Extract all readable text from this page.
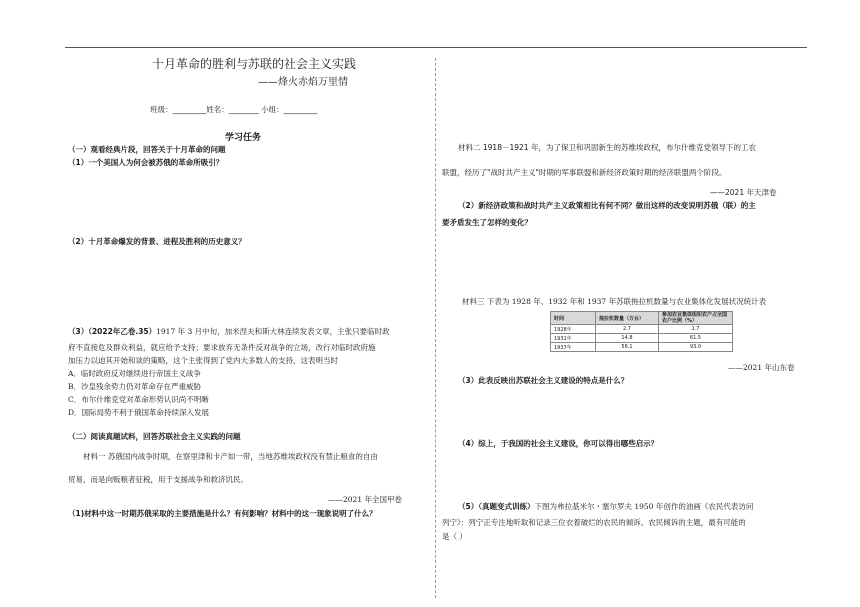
十月革命的胜利与苏联的社会主义实践
——烽火赤焰万里情
班级：_________姓名：________ 小组：_________
学习任务
（一）观看经典片段，回答关于十月革命的问题
（1）一个美国人为何会被苏俄的革命所吸引？
（2）十月革命爆发的背景、进程及胜利的历史意义？
（3）（2022年乙卷.35）1917 年 3 月中旬，加米涅夫和斯大林连续发表文章，主张只要临时政
府不直接危及群众利益，就应给予支持；要求放弃无条件反对战争的立场，改行对临时政府施
加压力以迫其开始和谈的策略，这个主张得到了党内大多数人的支持，这表明当时
A．临时政府反对继续进行帝国主义战争
B．沙皇残余势力仍对革命存在严重威胁
C．布尔什维克党对革命形势认识尚不明晰
D．国际局势不利于俄国革命持续深入发展
（二）阅读真题试料，回答苏联社会主义实践的问题
材料一 苏俄国内战争时期，在察里津和卡产如一带，当地苏维埃政权没有禁止粮食的自由
贸易，而是向贩粮者征税，用于支援战争和救济饥民。
——2021 年全国甲卷
（1)材料中这一时期苏俄采取的主要措施是什么？有何影响？材料中的这一现象说明了什么？
材料二 1918－1921 年，为了保卫和巩固新生的苏维埃政权，布尔什维克党领导下的工农
联盟，经历了"战时共产主义"时期的军事联盟和新经济政策时期的经济联盟两个阶段。
——2021 年天津卷
（2）新经济政策和战时共产主义政策相比有何不同？做出这样的改变说明苏俄（联）的主
要矛盾发生了怎样的变化？
材料三 下表为 1928 年、1932 年和 1937 年苏联拖拉机数量与农业集体化发展状况统计表
时间	拖拉机数量（万台）	参加农业集体组织农户占全国农户比例（%）
1928年	2.7	1.7
1931年	14.8	61.5
1937年	56.1	93.0
——2021 年山东卷
（3）此表反映出苏联社会主义建设的特点是什么？
（4）综上，于我国的社会主义建设，你可以得出哪些启示？
（5）（真题变式训练）下图为弗拉基米尔・塞尔罗夫 1950 年创作的油画《农民代表访问
列宁》：列宁正专注地听取和记录三位衣着破烂的农民的倾诉。农民倾诉的主题，最有可能的
是（ ）
